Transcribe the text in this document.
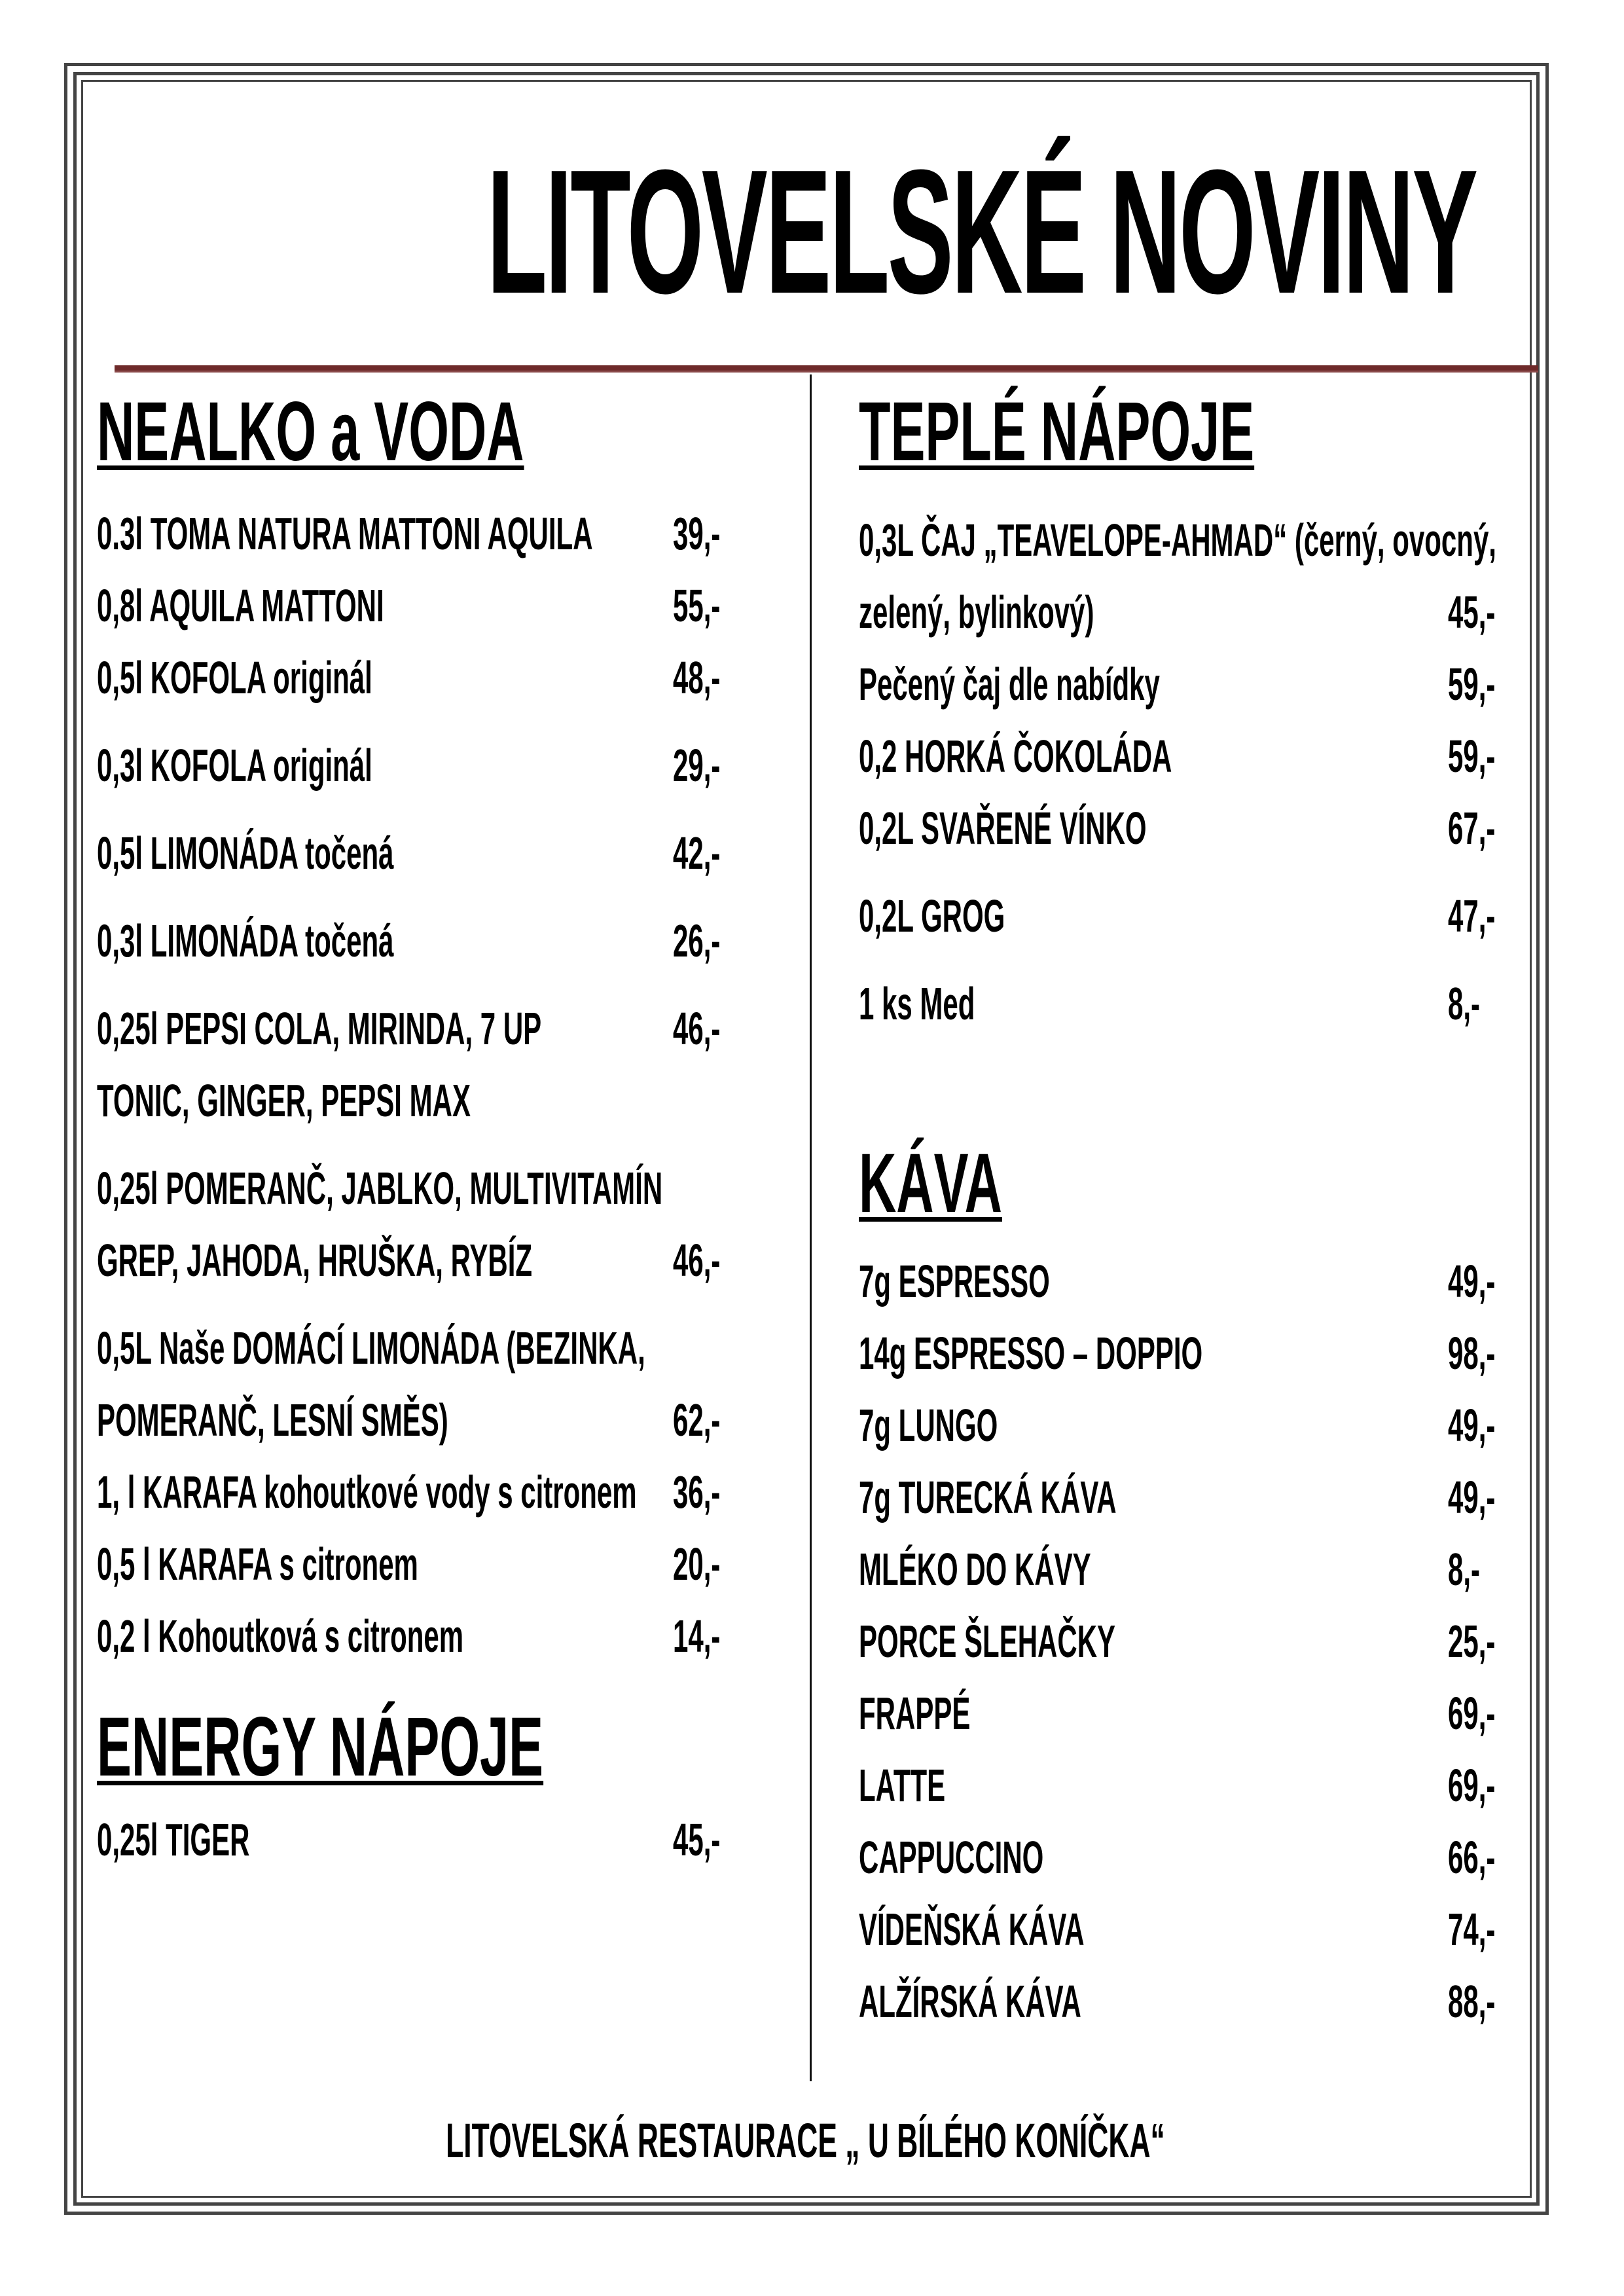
LITOVELSKÉ NOVINY
NEALKO a VODA
0.3l TOMA NATURA MATTONI AQUILA 39,-
0,8l AQUILA MATTONI	55,-
0,5l KOFOLA originál	48,-
0,3l KOFOLA originál	29,-
0,5l LIMONÁDA točená	42,-
0,3l LIMONÁDA točená	26,-
0,25l PEPSI COLA, MIRINDA, 7 UP	46,-
TONIC, GINGER, PEPSI MAX
0,25l POMERANČ, JABLKO, MULTIVITAMÍN
GREP, JAHODA, HRUŠKA, RYBÍZ	46,-
0,5L Naše DOMÁCÍ LIMONÁDA (BEZINKA,
POMERANČ, LESNÍ SMĚS)	62,-
1, l KARAFA kohoutkové vody s citronem 36,-
0,5 l KARAFA s citronem	20,-
0,2 l Kohoutková s citronem	14,-
ENERGY NÁPOJE
0,25l TIGER	45,-
TEPLÉ NÁPOJE
0,3L ČAJ „TEAVELOPE-AHMAD“ (černý, ovocný,
zelený, bylinkový)	45,-
Pečený čaj dle nabídky	59,-
0,2 HORKÁ ČOKOLÁDA	59,-
0,2L SVAŘENÉ VÍNKO	67,-
0,2L GROG	47,-
1 ks Med	8,-
KÁVA
7g ESPRESSO	49,-
14g ESPRESSO – DOPPIO	98,-
7g LUNGO	49,-
7g TURECKÁ KÁVA	49,-
MLÉKO DO KÁVY	8,-
PORCE ŠLEHAČKY	25,-
FRAPPÉ	69,-
LATTE	69,-
CAPPUCCINO	66,-
VÍDEŇSKÁ KÁVA	74,-
ALŽÍRSKÁ KÁVA	88,-

LITOVELSKÁ RESTAURACE „ U BÍLÉHO KONÍČKA“
